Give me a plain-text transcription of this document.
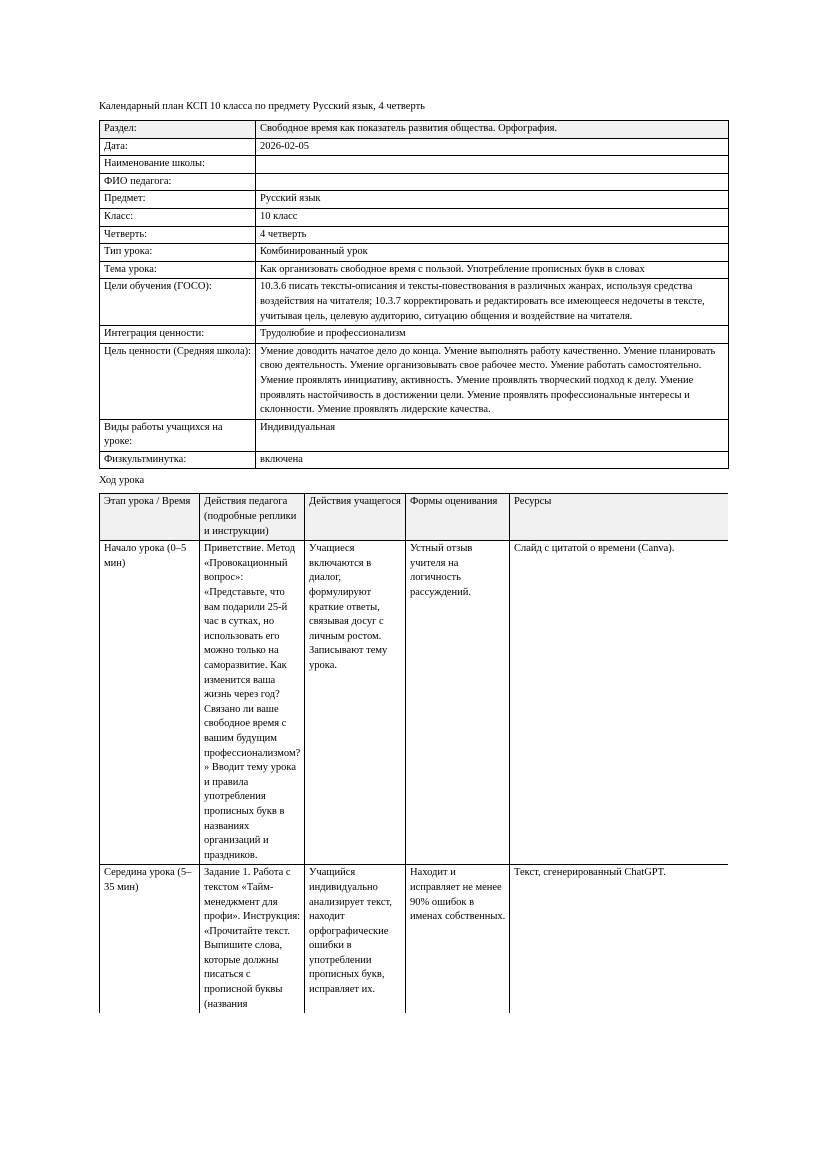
Календарный план КСП 10 класса по предмету Русский язык, 4 четверть
Раздел:	Свободное время как показатель развития общества. Орфография.
Дата:	2026-02-05
Наименование школы:	
ФИО педагога:	
Предмет:	Русский язык
Класс:	10 класс
Четверть:	4 четверть
Тип урока:	Комбинированный урок
Тема урока:	Как организовать свободное время с пользой. Употребление прописных букв в словах
Цели обучения (ГОСО):	10.3.6 писать тексты-описания и тексты-повествования в различных жанрах, используя средства воздействия на читателя; 10.3.7 корректировать и редактировать все имеющееся недочеты в тексте, учитывая цель, целевую аудиторию, ситуацию общения и воздействие на читателя.
Интеграция ценности:	Трудолюбие и профессионализм
Цель ценности (Средняя школа):	Умение доводить начатое дело до конца. Умение выполнять работу качественно. Умение планировать свою деятельность. Умение организовывать свое рабочее место. Умение работать самостоятельно. Умение проявлять инициативу, активность. Умение проявлять творческий подход к делу. Умение проявлять настойчивость в достижении цели. Умение проявлять профессиональные интересы и склонности. Умение проявлять лидерские качества.
Виды работы учащихся на уроке:	Индивидуальная
Физкультминутка:	включена
Ход урока
Этап урока / Время	Действия педагога (подробные реплики и инструкции)	Действия учащегося	Формы оценивания	Ресурсы
Начало урока (0–5 мин)	Приветствие. Метод «Провокационный вопрос»: «Представьте, что вам подарили 25-й час в сутках, но использовать его можно только на саморазвитие. Как изменится ваша жизнь через год? Связано ли ваше свободное время с вашим будущим профессионализмом?» Вводит тему урока и правила употребления прописных букв в названиях организаций и праздников.	Учащиеся включаются в диалог, формулируют краткие ответы, связывая досуг с личным ростом. Записывают тему урока.	Устный отзыв учителя на логичность рассуждений.	Слайд с цитатой о времени (Canva).
Середина урока (5–35 мин)	Задание 1. Работа с текстом «Тайм-менеджмент для профи». Инструкция: «Прочитайте текст. Выпишите слова, которые должны писаться с прописной буквы (названия	Учащийся индивидуально анализирует текст, находит орфографические ошибки в употреблении прописных букв, исправляет их.	Находит и исправляет не менее 90% ошибок в именах собственных.	Текст, сгенерированный ChatGPT.
